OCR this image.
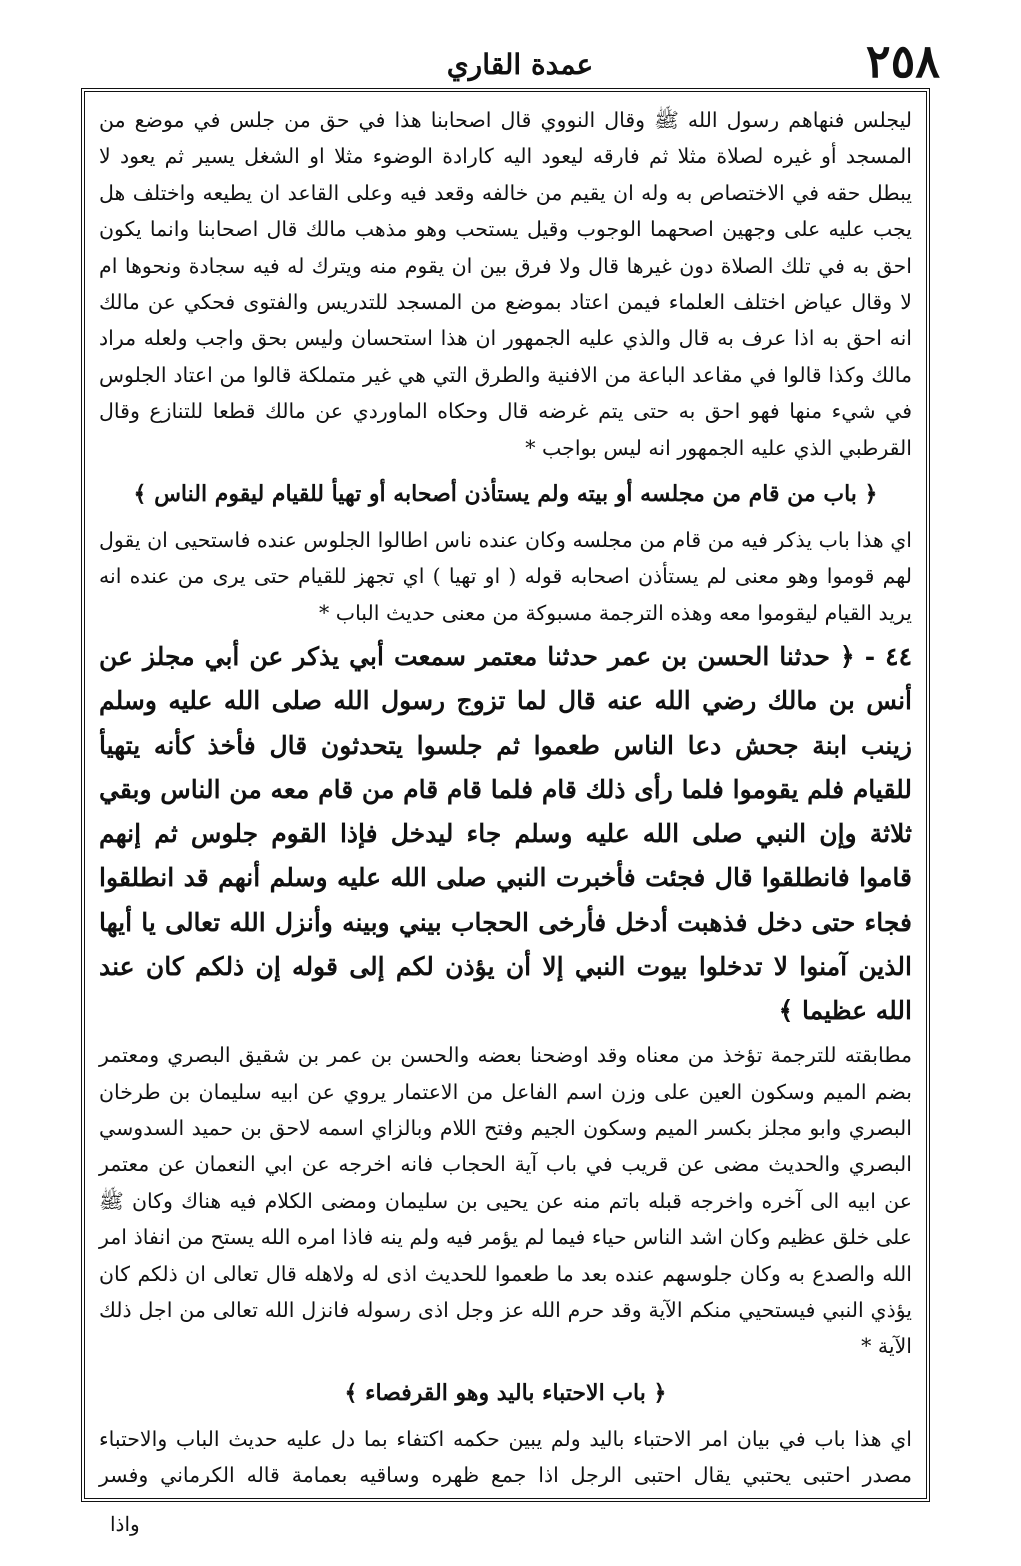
٢٥٨
عمدة القاري

ليجلس فنهاهم رسول الله ﷺ وقال النووي قال اصحابنا هذا في حق من جلس في موضع من المسجد أو غيره لصلاة مثلا ثم فارقه ليعود اليه كارادة الوضوء مثلا او الشغل يسير ثم يعود لا يبطل حقه في الاختصاص به وله ان يقيم من خالفه وقعد فيه وعلى القاعد ان يطيعه واختلف هل يجب عليه على وجهين اصحهما الوجوب وقيل يستحب وهو مذهب مالك قال اصحابنا وانما يكون احق به في تلك الصلاة دون غيرها قال ولا فرق بين ان يقوم منه ويترك له فيه سجادة ونحوها ام لا وقال عياض اختلف العلماء فيمن اعتاد بموضع من المسجد للتدريس والفتوى فحكي عن مالك انه احق به اذا عرف به قال والذي عليه الجمهور ان هذا استحسان وليس بحق واجب ولعله مراد مالك وكذا قالوا في مقاعد الباعة من الافنية والطرق التي هي غير متملكة قالوا من اعتاد الجلوس في شيء منها فهو احق به حتى يتم غرضه قال وحكاه الماوردي عن مالك قطعا للتنازع وقال القرطبي الذي عليه الجمهور انه ليس بواجب *

﴿ باب من قام من مجلسه أو بيته ولم يستأذن أصحابه أو تهيأ للقيام ليقوم الناس ﴾

اي هذا باب يذكر فيه من قام من مجلسه وكان عنده ناس اطالوا الجلوس عنده فاستحيى ان يقول لهم قوموا وهو معنى لم يستأذن اصحابه قوله ( او تهيا ) اي تجهز للقيام حتى يرى من عنده انه يريد القيام ليقوموا معه وهذه الترجمة مسبوكة من معنى حديث الباب *

٤٤ - ﴿ حدثنا الحسن بن عمر حدثنا معتمر سمعت أبي يذكر عن أبي مجلز عن أنس بن مالك رضي الله عنه قال لما تزوج رسول الله صلى الله عليه وسلم زينب ابنة جحش دعا الناس طعموا ثم جلسوا يتحدثون قال فأخذ كأنه يتهيأ للقيام فلم يقوموا فلما رأى ذلك قام فلما قام قام من قام معه من الناس وبقي ثلاثة وإن النبي صلى الله عليه وسلم جاء ليدخل فإذا القوم جلوس ثم إنهم قاموا فانطلقوا قال فجئت فأخبرت النبي صلى الله عليه وسلم أنهم قد انطلقوا فجاء حتى دخل فذهبت أدخل فأرخى الحجاب بيني وبينه وأنزل الله تعالى يا أيها الذين آمنوا لا تدخلوا بيوت النبي إلا أن يؤذن لكم إلى قوله إن ذلكم كان عند الله عظيما ﴾

مطابقته للترجمة تؤخذ من معناه وقد اوضحنا بعضه والحسن بن عمر بن شقيق البصري ومعتمر بضم الميم وسكون العين على وزن اسم الفاعل من الاعتمار يروي عن ابيه سليمان بن طرخان البصري وابو مجلز بكسر الميم وسكون الجيم وفتح اللام وبالزاي اسمه لاحق بن حميد السدوسي البصري والحديث مضى عن قريب في باب آية الحجاب فانه اخرجه عن ابي النعمان عن معتمر عن ابيه الى آخره واخرجه قبله باتم منه عن يحيى بن سليمان ومضى الكلام فيه هناك وكان ﷺ على خلق عظيم وكان اشد الناس حياء فيما لم يؤمر فيه ولم ينه فاذا امره الله يستح من انفاذ امر الله والصدع به وكان جلوسهم عنده بعد ما طعموا للحديث اذى له ولاهله قال تعالى ان ذلكم كان يؤذي النبي فيستحيي منكم الآية وقد حرم الله عز وجل اذى رسوله فانزل الله تعالى من اجل ذلك الآية *

﴿ باب الاحتباء باليد وهو القرفصاء ﴾

اي هذا باب في بيان امر الاحتباء باليد ولم يبين حكمه اكتفاء بما دل عليه حديث الباب والاحتباء مصدر احتبى يحتبي يقال احتبى الرجل اذا جمع ظهره وساقيه بعمامة قاله الكرماني وفسر

واذا
